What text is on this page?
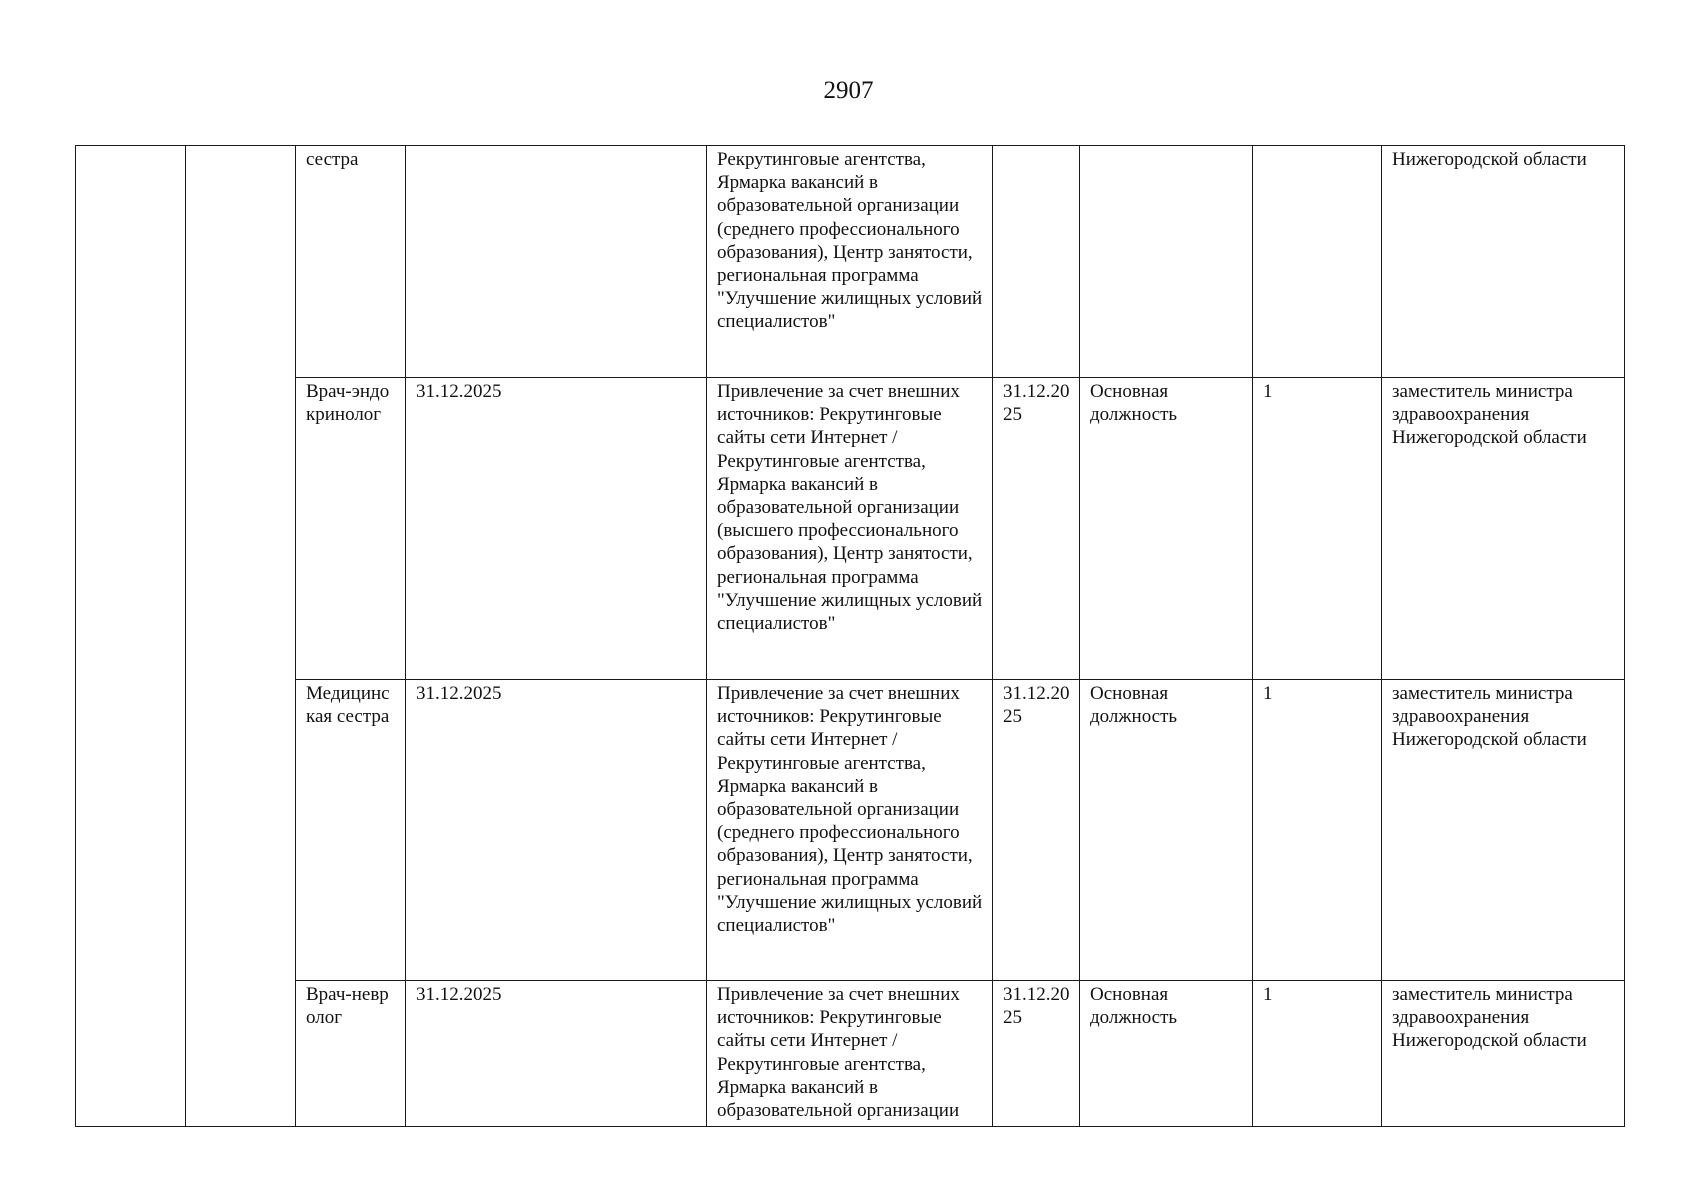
2907
		сестра		Рекрутинговые агентства, Ярмарка вакансий в образовательной организации (среднего профессионального образования), Центр занятости, региональная программа "Улучшение жилищных условий специалистов"				Нижегородской области
		Врач-эндокринолог	31.12.2025	Привлечение за счет внешних источников: Рекрутинговые сайты сети Интернет / Рекрутинговые агентства, Ярмарка вакансий в образовательной организации (высшего профессионального образования), Центр занятости, региональная программа "Улучшение жилищных условий специалистов"	31.12.2025	Основная должность	1	заместитель министра здравоохранения Нижегородской области
		Медицинская сестра	31.12.2025	Привлечение за счет внешних источников: Рекрутинговые сайты сети Интернет / Рекрутинговые агентства, Ярмарка вакансий в образовательной организации (среднего профессионального образования), Центр занятости, региональная программа "Улучшение жилищных условий специалистов"	31.12.2025	Основная должность	1	заместитель министра здравоохранения Нижегородской области
		Врач-невролог	31.12.2025	Привлечение за счет внешних источников: Рекрутинговые сайты сети Интернет / Рекрутинговые агентства, Ярмарка вакансий в образовательной организации	31.12.2025	Основная должность	1	заместитель министра здравоохранения Нижегородской области
